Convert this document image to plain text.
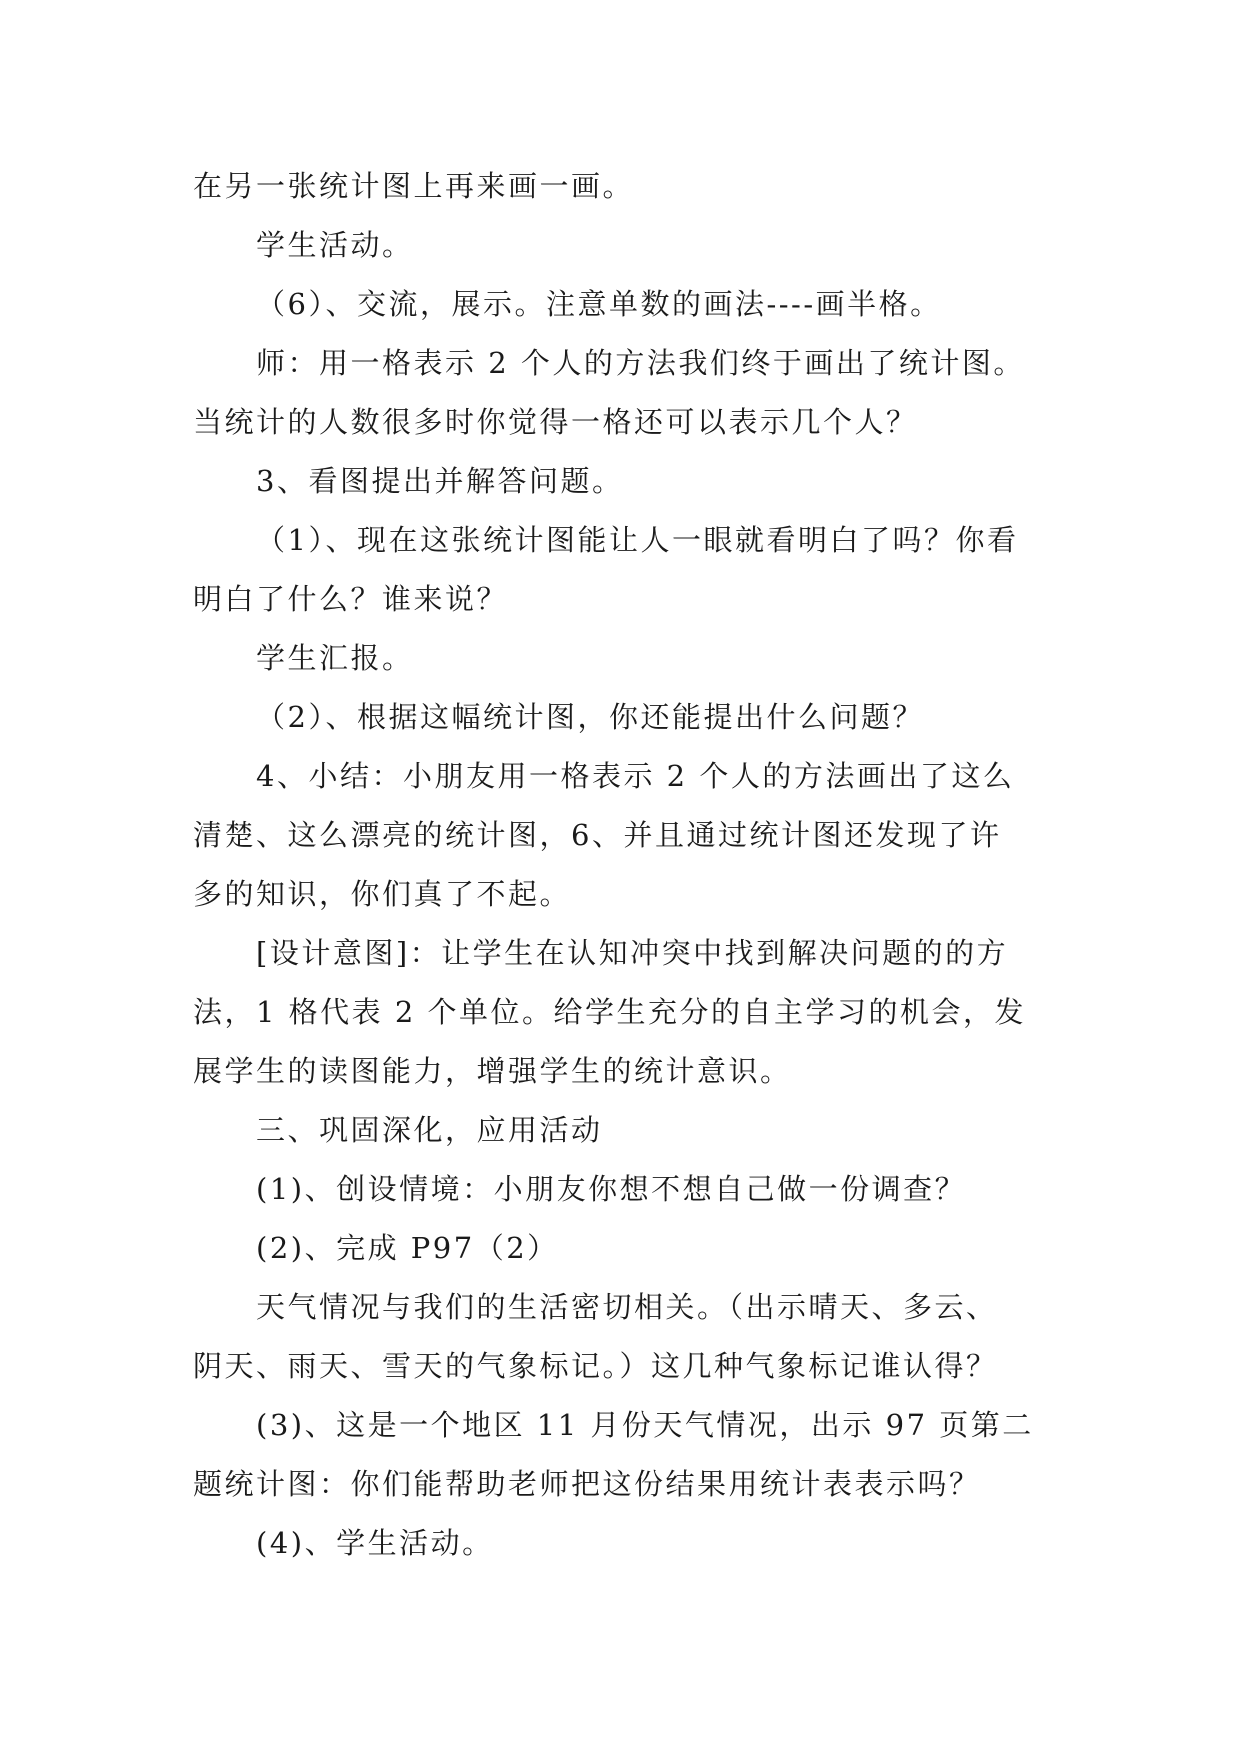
在另一张统计图上再来画一画。
学生活动。
（6）、交流，展示。注意单数的画法----画半格。
师：用一格表示 2 个人的方法我们终于画出了统计图。
当统计的人数很多时你觉得一格还可以表示几个人？
3、看图提出并解答问题。
（1）、现在这张统计图能让人一眼就看明白了吗？你看
明白了什么？谁来说？
学生汇报。
（2）、根据这幅统计图，你还能提出什么问题？
4、小结：小朋友用一格表示 2 个人的方法画出了这么
清楚、这么漂亮的统计图，6、并且通过统计图还发现了许
多的知识，你们真了不起。
[设计意图]：让学生在认知冲突中找到解决问题的的方
法，1 格代表 2 个单位。给学生充分的自主学习的机会，发
展学生的读图能力，增强学生的统计意识。
三、巩固深化，应用活动
(1)、创设情境：小朋友你想不想自己做一份调查？
(2)、完成 P97（2）
天气情况与我们的生活密切相关。（出示晴天、多云、
阴天、雨天、雪天的气象标记。）这几种气象标记谁认得？
(3)、这是一个地区 11 月份天气情况，出示 97 页第二
题统计图：你们能帮助老师把这份结果用统计表表示吗？
(4)、学生活动。
